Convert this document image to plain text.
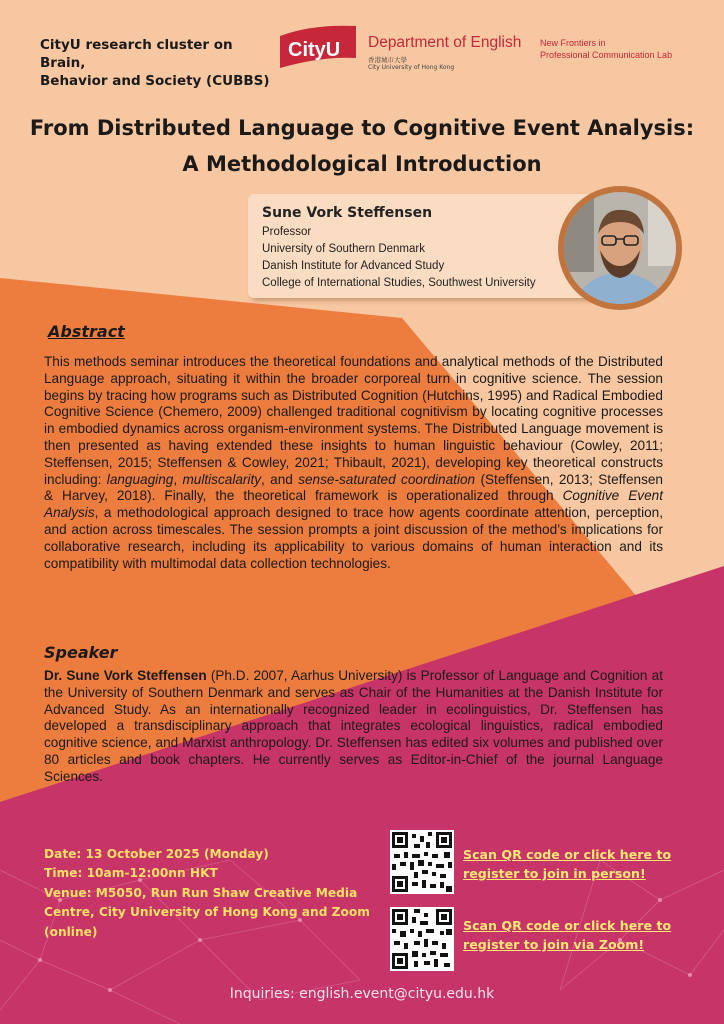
CityU research cluster on Brain,
Behavior and Society (CUBBS)
CityU Department of English
香港城市大學
City University of Hong Kong
New Frontiers in
Professional Communication Lab
From Distributed Language to Cognitive Event Analysis:
A Methodological Introduction
Sune Vork Steffensen
Professor
University of Southern Denmark
Danish Institute for Advanced Study
College of International Studies, Southwest University
Abstract
This methods seminar introduces the theoretical foundations and analytical methods of the Distributed Language approach, situating it within the broader corporeal turn in cognitive science. The session begins by tracing how programs such as Distributed Cognition (Hutchins, 1995) and Radical Embodied Cognitive Science (Chemero, 2009) challenged traditional cognitivism by locating cognitive processes in embodied dynamics across organism-environment systems. The Distributed Language movement is then presented as having extended these insights to human linguistic behaviour (Cowley, 2011; Steffensen, 2015; Steffensen & Cowley, 2021; Thibault, 2021), developing key theoretical constructs including: languaging, multiscalarity, and sense-saturated coordination (Steffensen, 2013; Steffensen & Harvey, 2018). Finally, the theoretical framework is operationalized through Cognitive Event Analysis, a methodological approach designed to trace how agents coordinate attention, perception, and action across timescales. The session prompts a joint discussion of the method’s implications for collaborative research, including its applicability to various domains of human interaction and its compatibility with multimodal data collection technologies.
Speaker
Dr. Sune Vork Steffensen (Ph.D. 2007, Aarhus University) is Professor of Language and Cognition at the University of Southern Denmark and serves as Chair of the Humanities at the Danish Institute for Advanced Study. As an internationally recognized leader in ecolinguistics, Dr. Steffensen has developed a transdisciplinary approach that integrates ecological linguistics, radical embodied cognitive science, and Marxist anthropology. Dr. Steffensen has edited six volumes and published over 80 articles and book chapters. He currently serves as Editor-in-Chief of the journal Language Sciences.
Date: 13 October 2025 (Monday)
Time: 10am-12:00nn HKT
Venue: M5050, Run Run Shaw Creative Media Centre, City University of Hong Kong and Zoom (online)
Scan QR code or click here to register to join in person!
Scan QR code or click here to register to join via Zoom!
Inquiries: english.event@cityu.edu.hk
